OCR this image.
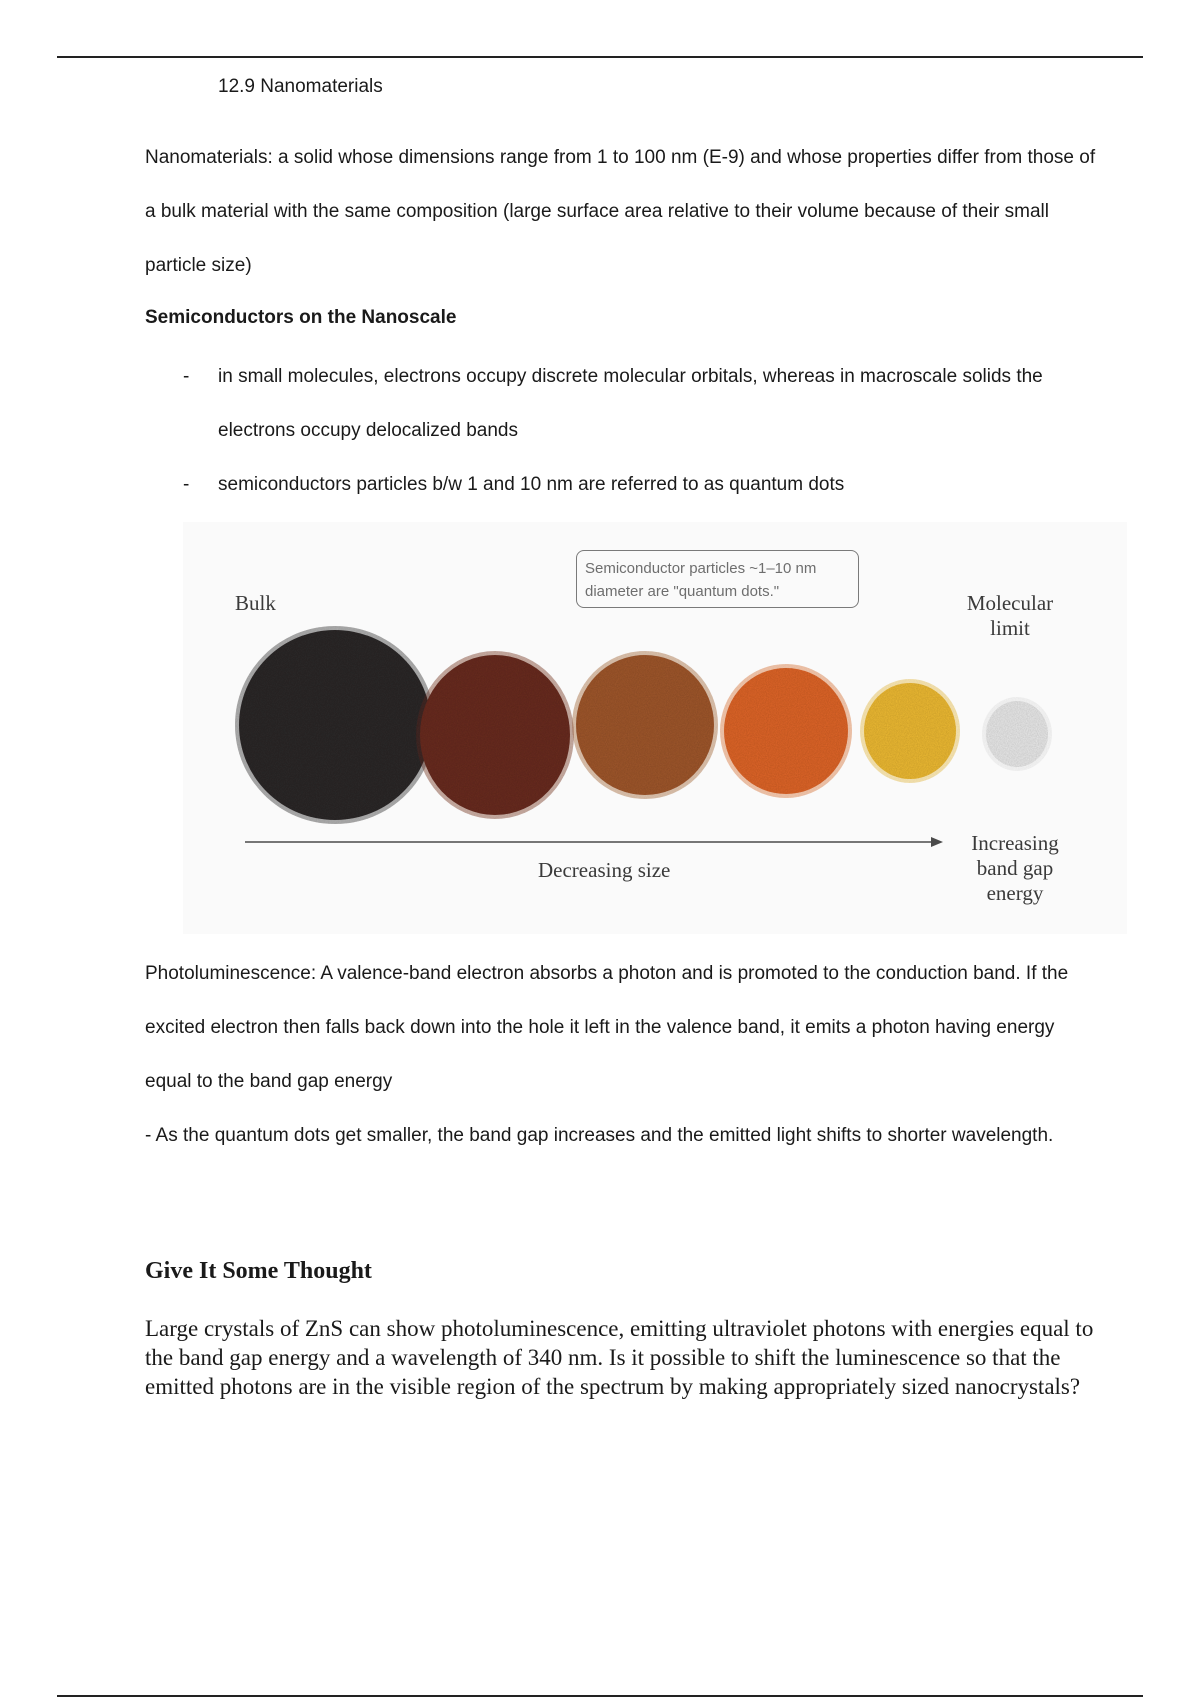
12.9 Nanomaterials

Nanomaterials: a solid whose dimensions range from 1 to 100 nm (E-9) and whose properties differ from those of a bulk material with the same composition (large surface area relative to their volume because of their small particle size)

Semiconductors on the Nanoscale
- in small molecules, electrons occupy discrete molecular orbitals, whereas in macroscale solids the electrons occupy delocalized bands
- semiconductors particles b/w 1 and 10 nm are referred to as quantum dots
Semiconductor particles ~1–10 nm diameter are "quantum dots."
Bulk	Molecular limit
Decreasing size
Increasing band gap energy

Photoluminescence: A valence-band electron absorbs a photon and is promoted to the conduction band. If the excited electron then falls back down into the hole it left in the valence band, it emits a photon having energy equal to the band gap energy

- As the quantum dots get smaller, the band gap increases and the emitted light shifts to shorter wavelength.

Give It Some Thought
Large crystals of ZnS can show photoluminescence, emitting ultraviolet photons with energies equal to the band gap energy and a wavelength of 340 nm. Is it possible to shift the luminescence so that the emitted photons are in the visible region of the spectrum by making appropriately sized nanocrystals?
